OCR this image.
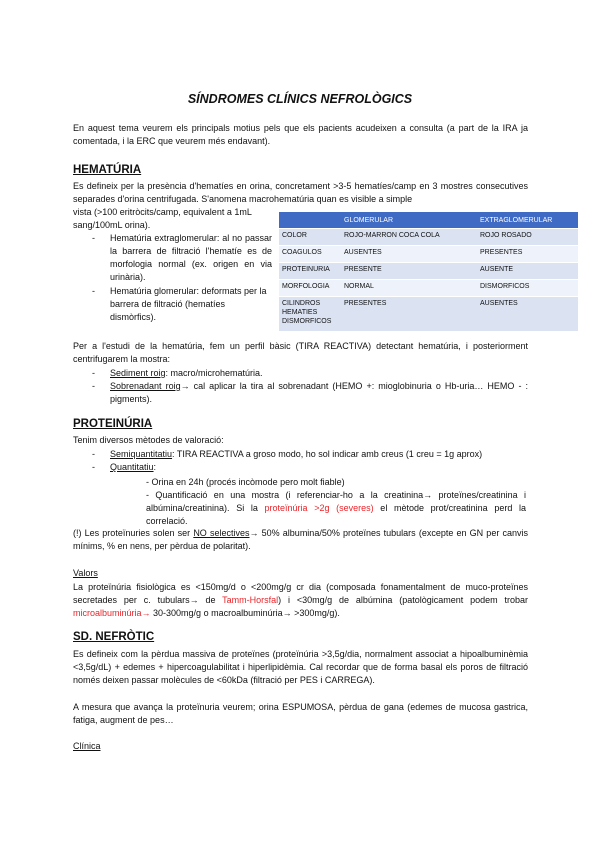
SÍNDROMES CLÍNICS NEFROLÒGICS
En aquest tema veurem els principals motius pels que els pacients acudeixen a consulta (a part de la IRA ja comentada, i la ERC que veurem més endavant).
HEMATÚRIA
Es defineix per la presència d'hematíes en orina, concretament >3-5 hematíes/camp en 3 mostres consecutives separades d'orina centrifugada. S'anomena macrohematúria quan es visible a simple
vista (>100 eritròcits/camp, equivalent a 1mL sang/100mL orina).
- Hematúria extraglomerular: al no passar la barrera de filtració l'hematíe es de morfologia normal (ex. origen en via urinària).
- Hematúria glomerular: deformats per la barrera de filtració (hematíes dismòrfics).
	GLOMERULAR	EXTRAGLOMERULAR
COLOR	ROJO-MARRON COCA COLA	ROJO ROSADO
COAGULOS	AUSENTES	PRESENTES
PROTEINURIA	PRESENTE	AUSENTE
MORFOLOGIA	NORMAL	DISMORFICOS
CILINDROS HEMATIES DISMORFICOS	PRESENTES	AUSENTES
Per a l'estudi de la hematúria, fem un perfil bàsic (TIRA REACTIVA) detectant hematúria, i posteriorment centrifugarem la mostra:
- Sediment roig: macro/microhematúria.
- Sobrenadant roig→ cal aplicar la tira al sobrenadant (HEMO +: mioglobinuria o Hb-uria… HEMO - : pigments).
PROTEINÚRIA
Tenim diversos mètodes de valoració:
- Semiquantitatiu: TIRA REACTIVA a groso modo, ho sol indicar amb creus (1 creu = 1g aprox)
- Quantitatiu:
- Orina en 24h (procés incòmode pero molt fiable)
- Quantificació en una mostra (i referenciar-ho a la creatinina→ proteïnes/creatinina i albúmina/creatinina). Si la proteïnúria >2g (severes) el mètode prot/creatinina perd la correlació.
(!) Les proteïnuries solen ser NO selectives→ 50% albumina/50% proteïnes tubulars (excepte en GN per canvis mínims, % en nens, per pèrdua de polaritat).
Valors
La proteïnúria fisiològica es <150mg/d o <200mg/g cr dia (composada fonamentalment de muco-proteïnes secretades per c. tubulars→ de Tamm-Horsfal) i <30mg/g de albúmina (patològicament podem trobar microalbuminúria→ 30-300mg/g o macroalbuminúria→ >300mg/g).
SD. NEFRÒTIC
Es defineix com la pèrdua massiva de proteïnes (proteïnúria >3,5g/dia, normalment associat a hipoalbuminèmia <3,5g/dL) + edemes + hipercoagulabilitat i hiperlipidèmia. Cal recordar que de forma basal els poros de filtració només deixen passar molècules de <60kDa (filtració per PES i CARREGA).
A mesura que avança la proteïnuria veurem; orina ESPUMOSA, pèrdua de gana (edemes de mucosa gastrica, fatiga, augment de pes…
Clínica
